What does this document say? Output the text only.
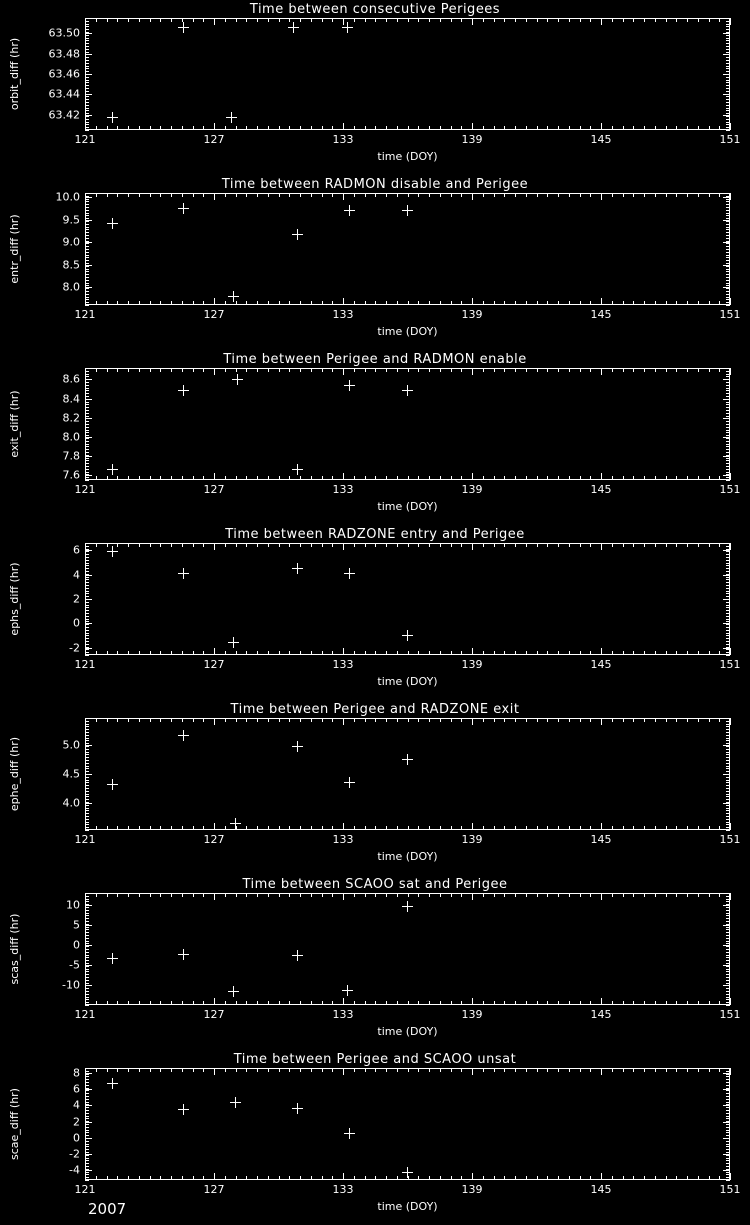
Time between consecutive Perigees
orbit_diff (hr)
time (DOY)
63.42
63.44
63.46
63.48
63.50
121	127	133	139	145	151
Time between RADMON disable and Perigee
entr_diff (hr)
time (DOY)
8.0
8.5
9.0
9.5
10.0
121	127	133	139	145	151
Time between Perigee and RADMON enable
exit_diff (hr)
time (DOY)
7.6
7.8
8.0
8.2
8.4
8.6
121	127	133	139	145	151
Time between RADZONE entry and Perigee
ephs_diff (hr)
time (DOY)
-2
0
2
4
6
121	127	133	139	145	151
Time between Perigee and RADZONE exit
ephe_diff (hr)
time (DOY)
4.0
4.5
5.0
121	127	133	139	145	151
Time between SCAOO sat and Perigee
scas_diff (hr)
time (DOY)
-10
-5
0
5
10
121	127	133	139	145	151
Time between Perigee and SCAOO unsat
scae_diff (hr)
time (DOY)
-4
-2
0
2
4
6
8
121	127	133	139	145	151
2007
